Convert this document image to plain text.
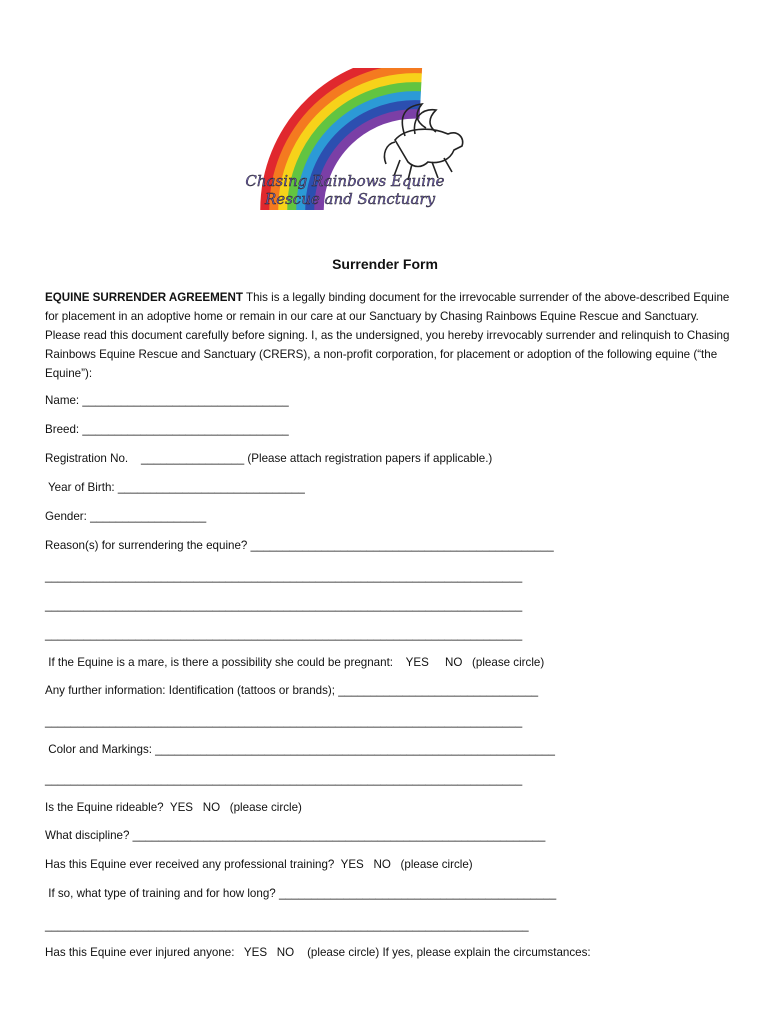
Chasing Rainbows Equine
Rescue and Sanctuary
Surrender Form
EQUINE SURRENDER AGREEMENT This is a legally binding document for the irrevocable surrender of the above-described Equine for placement in an adoptive home or remain in our care at our Sanctuary by Chasing Rainbows Equine Rescue and Sanctuary. Please read this document carefully before signing. I, as the undersigned, you hereby irrevocably surrender and relinquish to Chasing Rainbows Equine Rescue and Sanctuary (CRERS), a non-profit corporation, for placement or adoption of the following equine (“the Equine”):
Name: ________________________________
Breed: ________________________________
Registration No.    ________________ (Please attach registration papers if applicable.)
Year of Birth: _____________________________
Gender: __________________
Reason(s) for surrendering the equine? _______________________________________________
__________________________________________________________________________
__________________________________________________________________________
__________________________________________________________________________
If the Equine is a mare, is there a possibility she could be pregnant:    YES     NO   (please circle)
Any further information: Identification (tattoos or brands); _______________________________
__________________________________________________________________________
Color and Markings: ______________________________________________________________
__________________________________________________________________________
Is the Equine rideable?  YES   NO   (please circle)
What discipline? ________________________________________________________________
Has this Equine ever received any professional training?  YES   NO   (please circle)
If so, what type of training and for how long? ___________________________________________
___________________________________________________________________________
Has this Equine ever injured anyone:   YES   NO    (please circle) If yes, please explain the circumstances:
